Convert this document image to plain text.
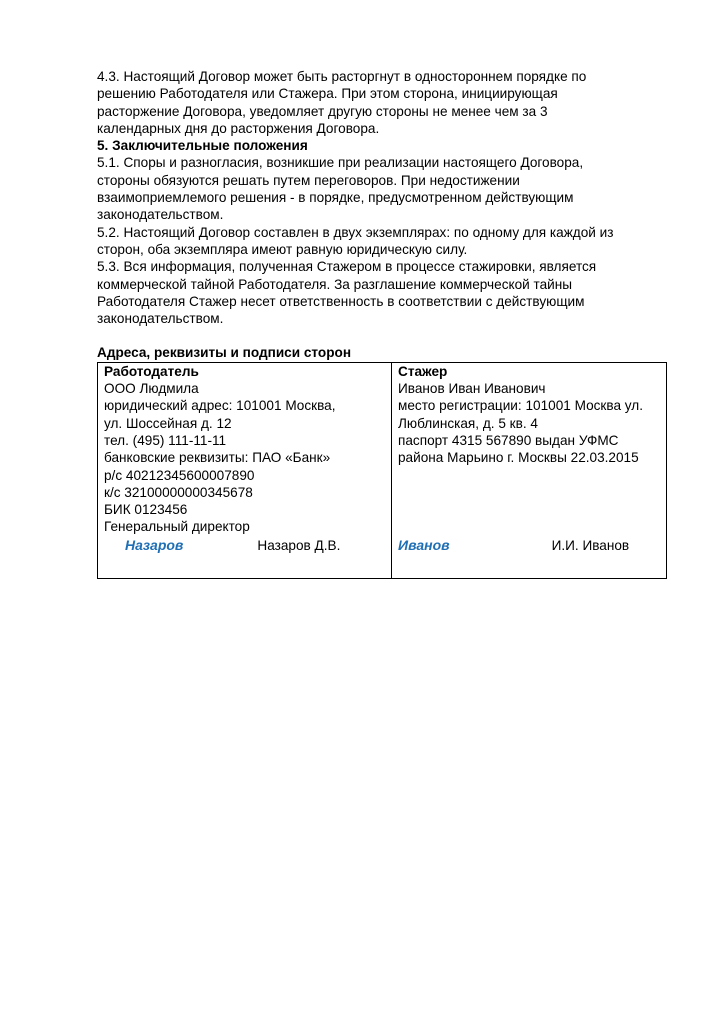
4.3. Настоящий Договор может быть расторгнут в одностороннем порядке по
решению Работодателя или Стажера. При этом сторона, инициирующая
расторжение Договора, уведомляет другую стороны не менее чем за 3
календарных дня до расторжения Договора.

5. Заключительные положения

5.1. Споры и разногласия, возникшие при реализации настоящего Договора,
стороны обязуются решать путем переговоров. При недостижении
взаимоприемлемого решения - в порядке, предусмотренном действующим
законодательством.

5.2. Настоящий Договор составлен в двух экземплярах: по одному для каждой из
сторон, оба экземпляра имеют равную юридическую силу.

5.3. Вся информация, полученная Стажером в процессе стажировки, является
коммерческой тайной Работодателя. За разглашение коммерческой тайны
Работодателя Стажер несет ответственность в соответствии с действующим
законодательством.

Адреса, реквизиты и подписи сторон

Работодатель
ООО Людмила
юридический адрес: 101001 Москва,
ул. Шоссейная д. 12
тел. (495) 111-11-11
банковские реквизиты: ПАО «Банк»
р/с 40212345600007890
к/с 32100000000345678
БИК 0123456
Генеральный директор
Назаров	Назаров Д.В.

Стажер
Иванов Иван Иванович
место регистрации: 101001 Москва ул.
Люблинская, д. 5 кв. 4
паспорт 4315 567890 выдан УФМС
района Марьино г. Москвы 22.03.2015

Иванов	И.И. Иванов
